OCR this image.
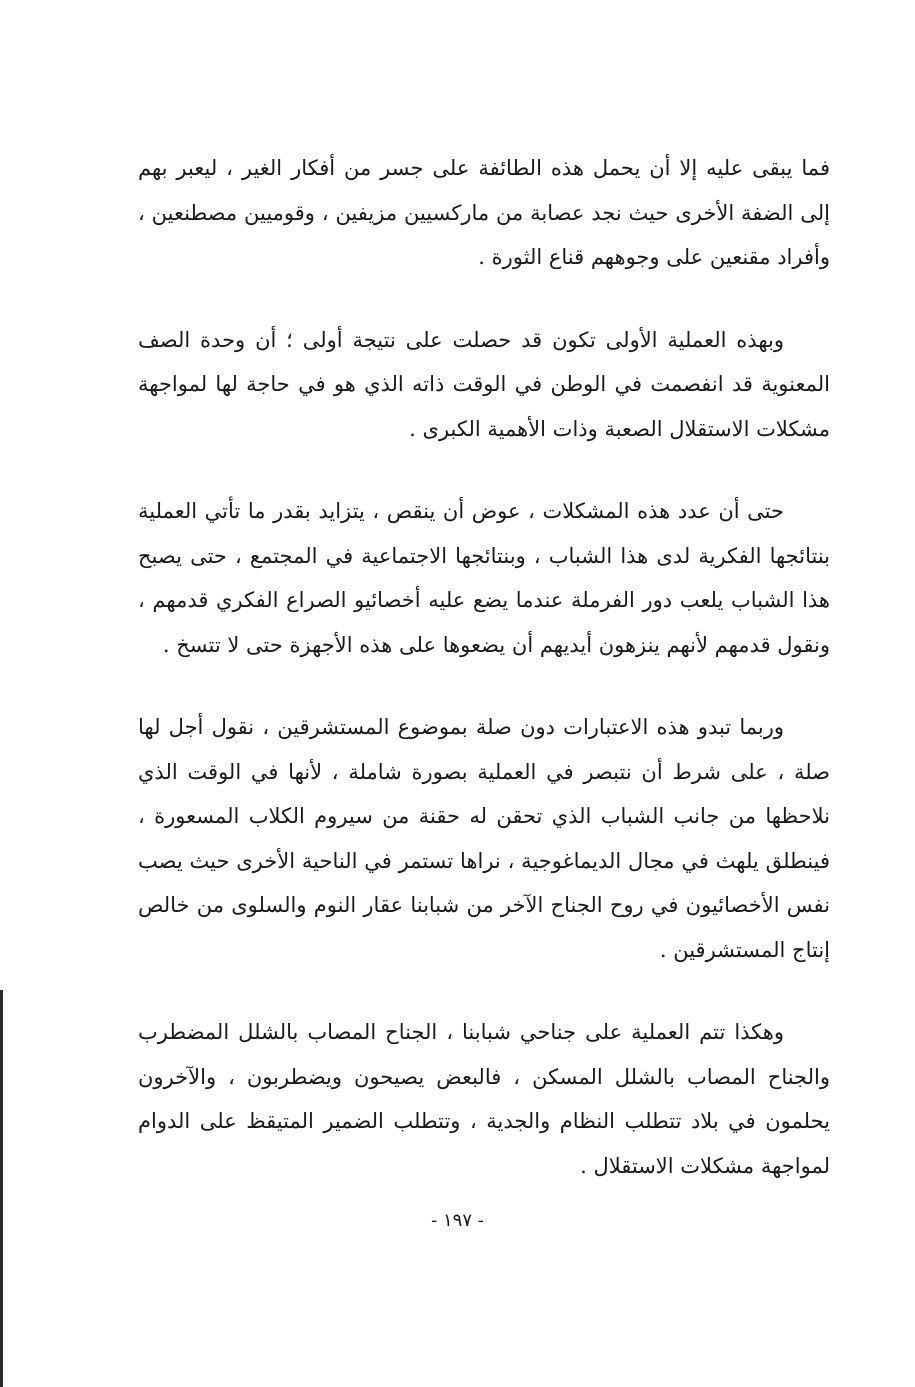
فما يبقى عليه إلا أن يحمل هذه الطائفة على جسر من أفكار الغير ، ليعبر بهم إلى الضفة الأخرى حيث نجد عصابة من ماركسيين مزيفين ، وقوميين مصطنعين ، وأفراد مقنعين على وجوههم قناع الثورة .

وبهذه العملية الأولى تكون قد حصلت على نتيجة أولى ؛ أن وحدة الصف المعنوية قد انفصمت في الوطن في الوقت ذاته الذي هو في حاجة لها لمواجهة مشكلات الاستقلال الصعبة وذات الأهمية الكبرى .

حتى أن عدد هذه المشكلات ، عوض أن ينقص ، يتزايد بقدر ما تأتي العملية بنتائجها الفكرية لدى هذا الشباب ، وبنتائجها الاجتماعية في المجتمع ، حتى يصبح هذا الشباب يلعب دور الفرملة عندما يضع عليه أخصائيو الصراع الفكري قدمهم ، ونقول قدمهم لأنهم ينزهون أيديهم أن يضعوها على هذه الأجهزة حتى لا تتسخ .

وربما تبدو هذه الاعتبارات دون صلة بموضوع المستشرقين ، نقول أجل لها صلة ، على شرط أن نتبصر في العملية بصورة شاملة ، لأنها في الوقت الذي نلاحظها من جانب الشباب الذي تحقن له حقنة من سيروم الكلاب المسعورة ، فينطلق يلهث في مجال الديماغوجية ، نراها تستمر في الناحية الأخرى حيث يصب نفس الأخصائيون في روح الجناح الآخر من شبابنا عقار النوم والسلوى من خالص إنتاج المستشرقين .

وهكذا تتم العملية على جناحي شبابنا ، الجناح المصاب بالشلل المضطرب والجناح المصاب بالشلل المسكن ، فالبعض يصيحون ويضطربون ، والآخرون يحلمون في بلاد تتطلب النظام والجدية ، وتتطلب الضمير المتيقظ على الدوام لمواجهة مشكلات الاستقلال .

- ١٩٧ -
